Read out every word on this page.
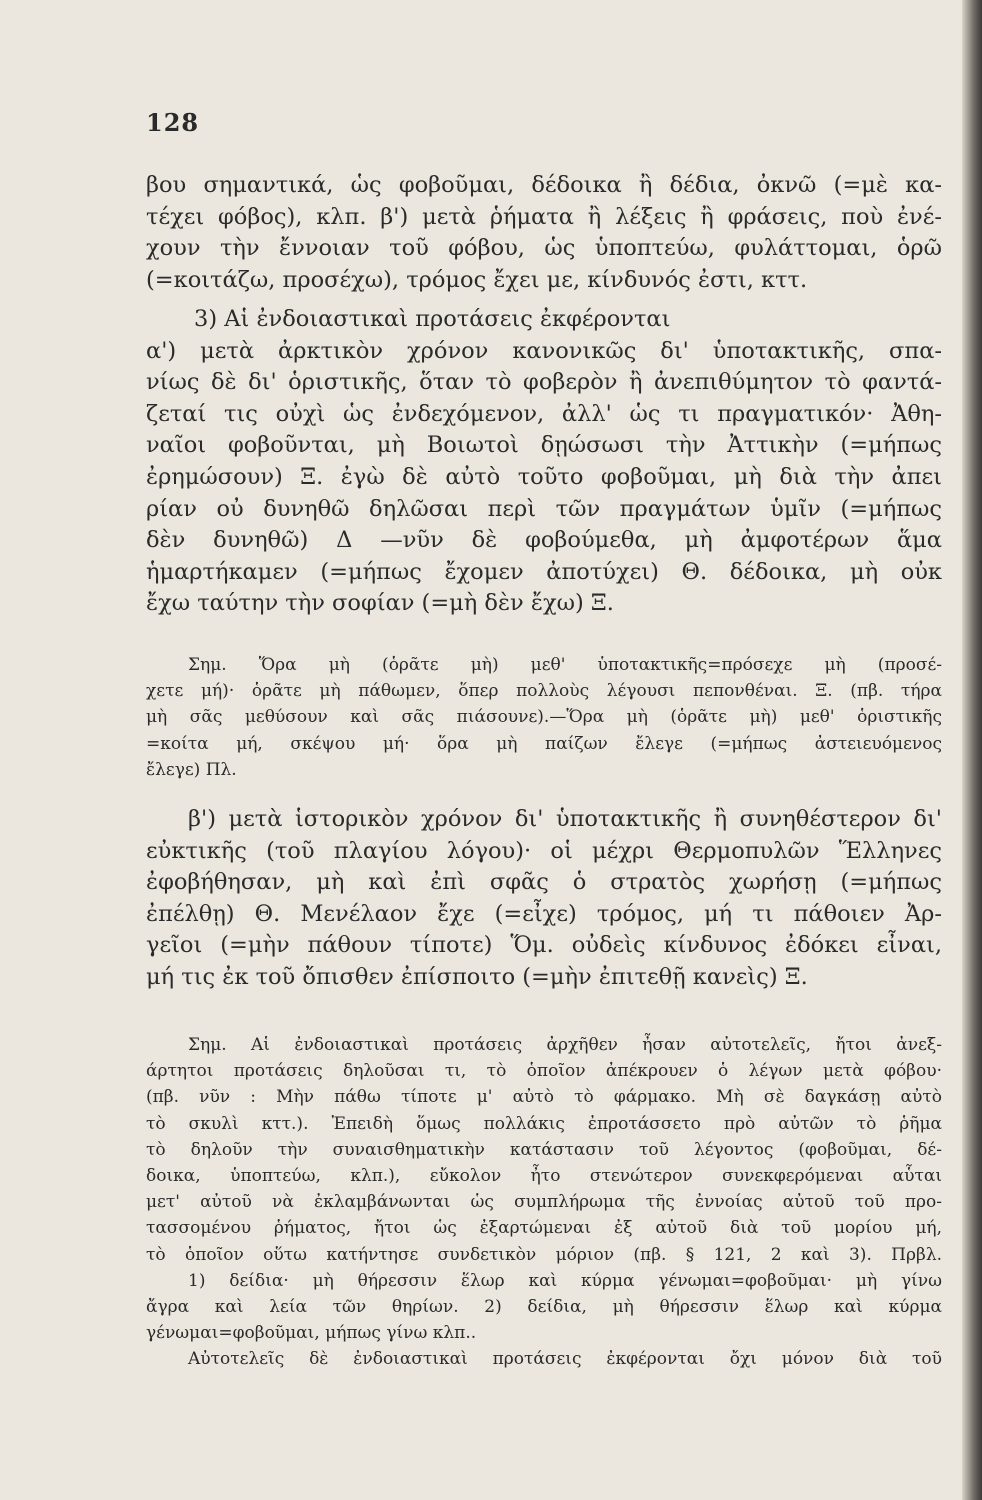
128
βου σημαντικά, ὡς φοβοῦμαι, δέδοικα ἢ δέδια, ὀκνῶ (=μὲ κα-
τέχει φόβος), κλπ. β') μετὰ ῥήματα ἢ λέξεις ἢ φράσεις, ποὺ ἐνέ-
χουν τὴν ἔννοιαν τοῦ φόβου, ὡς ὑποπτεύω, φυλάττομαι, ὁρῶ
(=κοιτάζω, προσέχω), τρόμος ἔχει με, κίνδυνός ἐστι, κττ.
3) Αἱ ἐνδοιαστικαὶ προτάσεις ἐκφέρονται
α') μετὰ ἀρκτικὸν χρόνον κανονικῶς δι' ὑποτακτικῆς, σπα-
νίως δὲ δι' ὁριστικῆς, ὅταν τὸ φοβερὸν ἢ ἀνεπιθύμητον τὸ φαντά-
ζεταί τις οὐχὶ ὡς ἐνδεχόμενον, ἀλλ' ὡς τι πραγματικόν· Ἀθη-
ναῖοι φοβοῦνται, μὴ Βοιωτοὶ δῃώσωσι τὴν Ἀττικὴν (=μήπως
ἐρημώσουν) Ξ. ἐγὼ δὲ αὐτὸ τοῦτο φοβοῦμαι, μὴ διὰ τὴν ἀπει
ρίαν οὐ δυνηθῶ δηλῶσαι περὶ τῶν πραγμάτων ὑμῖν (=μήπως
δὲν δυνηθῶ) Δ —νῦν δὲ φοβούμεθα, μὴ ἀμφοτέρων ἅμα
ἡμαρτήκαμεν (=μήπως ἔχομεν ἀποτύχει) Θ. δέδοικα, μὴ οὐκ
ἔχω ταύτην τὴν σοφίαν (=μὴ δὲν ἔχω) Ξ.
Σημ. Ὅρα μὴ (ὁρᾶτε μὴ) μεθ' ὑποτακτικῆς=πρόσεχε μὴ (προσέ-
χετε μή)· ὁρᾶτε μὴ πάθωμεν, ὅπερ πολλοὺς λέγουσι πεπονθέναι. Ξ. (πβ. τήρα
μὴ σᾶς μεθύσουν καὶ σᾶς πιάσουνε).—Ὅρα μὴ (ὁρᾶτε μὴ) μεθ' ὁριστικῆς
=κοίτα μή, σκέψου μή· ὅρα μὴ παίζων ἔλεγε (=μήπως ἀστειευόμενος
ἔλεγε) Πλ.
β') μετὰ ἱστορικὸν χρόνον δι' ὑποτακτικῆς ἢ συνηθέστερον δι'
εὐκτικῆς (τοῦ πλαγίου λόγου)· οἱ μέχρι Θερμοπυλῶν Ἕλληνες
ἐφοβήθησαν, μὴ καὶ ἐπὶ σφᾶς ὁ στρατὸς χωρήσῃ (=μήπως
ἐπέλθῃ) Θ. Μενέλαον ἔχε (=εἶχε) τρόμος, μή τι πάθοιεν Ἀρ-
γεῖοι (=μὴν πάθουν τίποτε) Ὅμ. οὐδεὶς κίνδυνος ἐδόκει εἶναι,
μή τις ἐκ τοῦ ὄπισθεν ἐπίσποιτο (=μὴν ἐπιτεθῇ κανεὶς) Ξ.
Σημ. Αἱ ἐνδοιαστικαὶ προτάσεις ἀρχῆθεν ἦσαν αὐτοτελεῖς, ἤτοι ἀνεξ-
άρτητοι προτάσεις δηλοῦσαι τι, τὸ ὁποῖον ἀπέκρουεν ὁ λέγων μετὰ φόβου·
(πβ. νῦν : Μὴν πάθω τίποτε μ' αὐτὸ τὸ φάρμακο. Μὴ σὲ δαγκάσῃ αὐτὸ
τὸ σκυλὶ κττ.). Ἐπειδὴ ὅμως πολλάκις ἐπροτάσσετο πρὸ αὐτῶν τὸ ῥῆμα
τὸ δηλοῦν τὴν συναισθηματικὴν κατάστασιν τοῦ λέγοντος (φοβοῦμαι, δέ-
δοικα, ὑποπτεύω, κλπ.), εὔκολον ἦτο στενώτερον συνεκφερόμεναι αὗται
μετ' αὐτοῦ νὰ ἐκλαμβάνωνται ὡς συμπλήρωμα τῆς ἐννοίας αὐτοῦ τοῦ προ-
τασσομένου ῥήματος, ἤτοι ὡς ἐξαρτώμεναι ἐξ αὐτοῦ διὰ τοῦ μορίου μή,
τὸ ὁποῖον οὕτω κατήντησε συνδετικὸν μόριον (πβ. § 121, 2 καὶ 3). Πρβλ.
1) δείδια· μὴ θήρεσσιν ἕλωρ καὶ κύρμα γένωμαι=φοβοῦμαι· μὴ γίνω
ἄγρα καὶ λεία τῶν θηρίων. 2) δείδια, μὴ θήρεσσιν ἕλωρ καὶ κύρμα
γένωμαι=φοβοῦμαι, μήπως γίνω κλπ..
Αὐτοτελεῖς δὲ ἐνδοιαστικαὶ προτάσεις ἐκφέρονται ὄχι μόνον διὰ τοῦ
